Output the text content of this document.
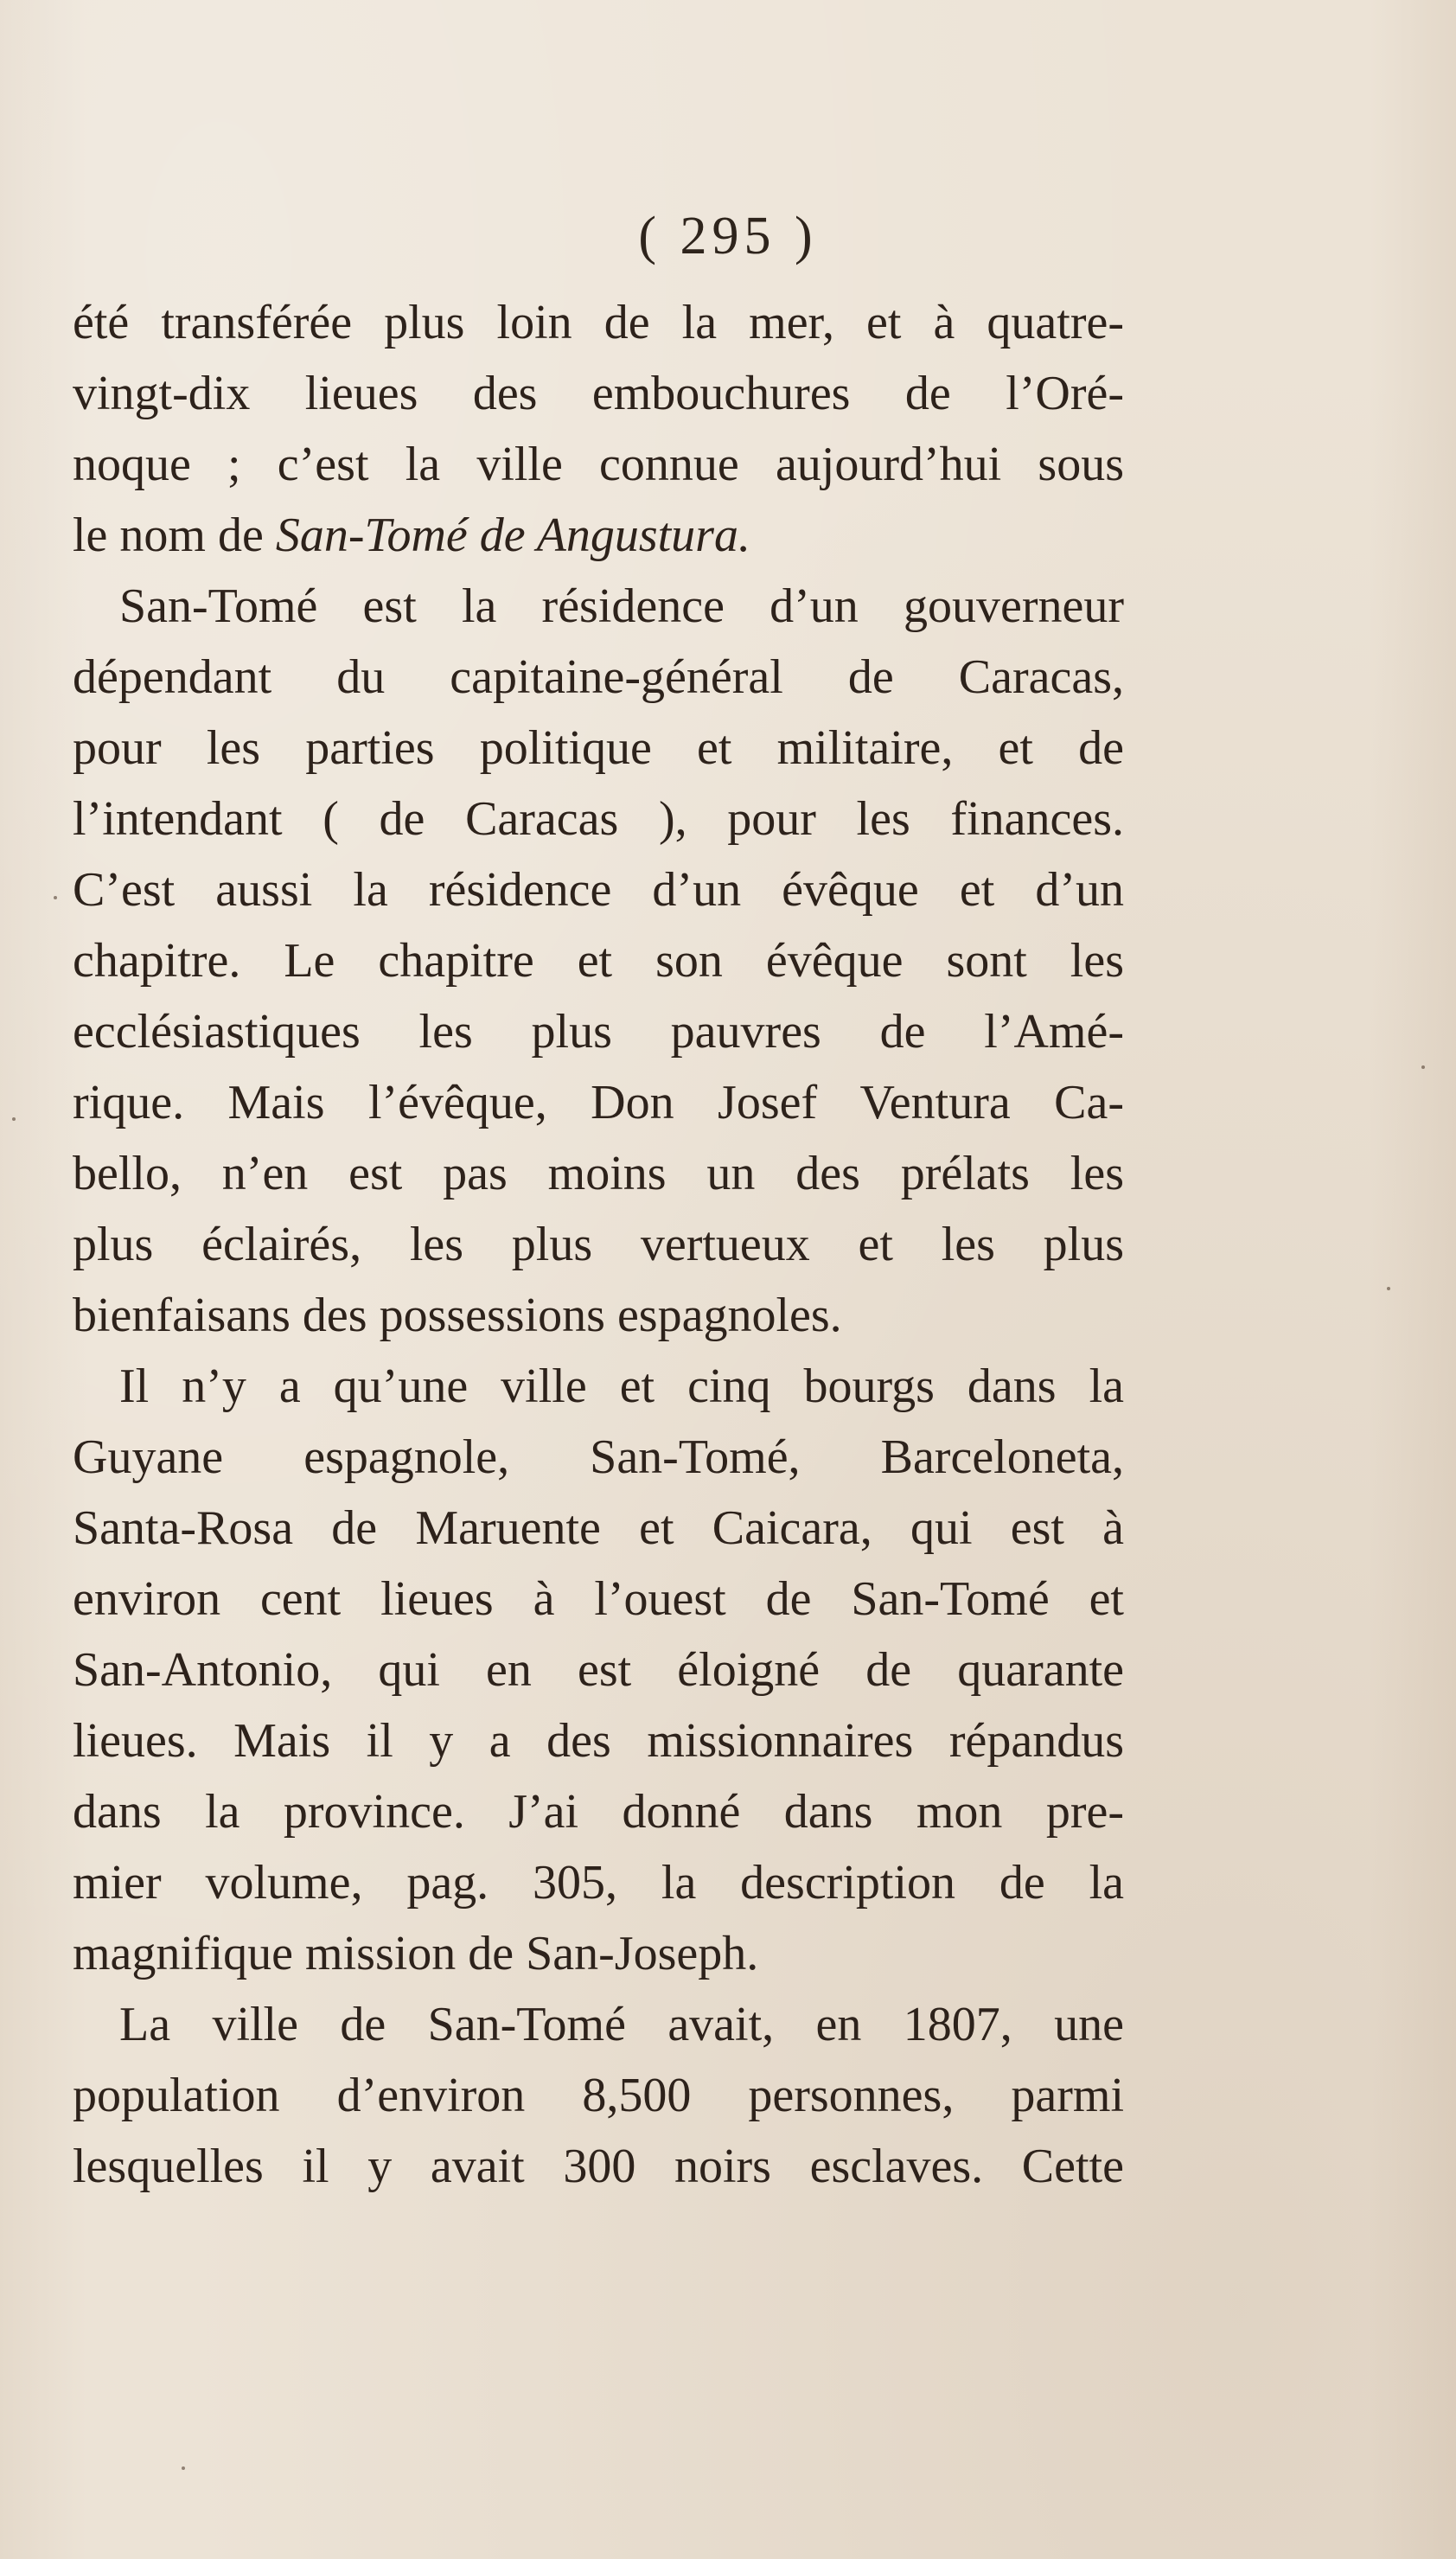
( 295 )
été transférée plus loin de la mer, et à quatre-
vingt-dix lieues des embouchures de l’Oré-
noque ; c’est la ville connue aujourd’hui sous
le nom de San-Tomé de Angustura.
San-Tomé est la résidence d’un gouverneur
dépendant du capitaine-général de Caracas,
pour les parties politique et militaire, et de
l’intendant ( de Caracas ), pour les finances.
C’est aussi la résidence d’un évêque et d’un
chapitre. Le chapitre et son évêque sont les
ecclésiastiques les plus pauvres de l’Amé-
rique. Mais l’évêque, Don Josef Ventura Ca-
bello, n’en est pas moins un des prélats les
plus éclairés, les plus vertueux et les plus
bienfaisans des possessions espagnoles.
Il n’y a qu’une ville et cinq bourgs dans la
Guyane espagnole, San-Tomé, Barceloneta,
Santa-Rosa de Maruente et Caicara, qui est à
environ cent lieues à l’ouest de San-Tomé et
San-Antonio, qui en est éloigné de quarante
lieues. Mais il y a des missionnaires répandus
dans la province. J’ai donné dans mon pre-
mier volume, pag. 305, la description de la
magnifique mission de San-Joseph.
La ville de San-Tomé avait, en 1807, une
population d’environ 8,500 personnes, parmi
lesquelles il y avait 300 noirs esclaves. Cette
